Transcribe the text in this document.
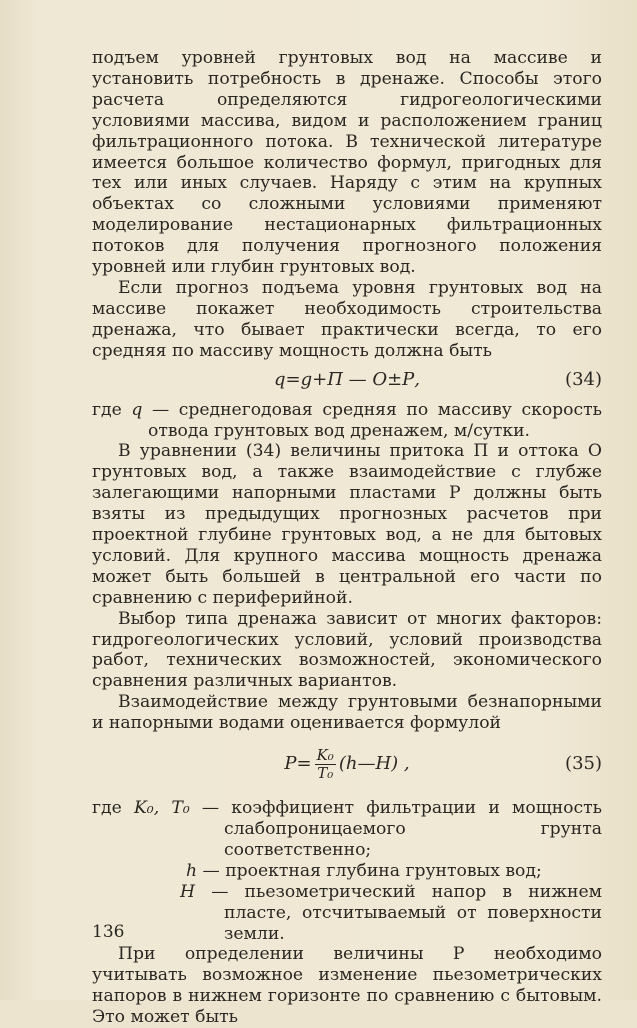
подъем уровней грунтовых вод на массиве и установить потребность в дренаже. Способы этого расчета определяются гидрогеологическими условиями массива, видом и расположением границ фильтрационного потока. В технической литературе имеется большое количество формул, пригодных для тех или иных случаев. Наряду с этим на крупных объектах со сложными условиями применяют моделирование нестационарных фильтрационных потоков для получения прогнозного положения уровней или глубин грунтовых вод.

Если прогноз подъема уровня грунтовых вод на массиве покажет необходимость строительства дренажа, что бывает практически всегда, то его средняя по массиву мощность должна быть

q=g+П — О±Р,	(34)

где q — среднегодовая средняя по массиву скорость отвода грунтовых вод дренажем, м/сутки.

В уравнении (34) величины притока П и оттока О грунтовых вод, а также взаимодействие с глубже залегающими напорными пластами Р должны быть взяты из предыдущих прогнозных расчетов при проектной глубине грунтовых вод, а не для бытовых условий. Для крупного массива мощность дренажа может быть большей в центральной его части по сравнению с периферийной.

Выбор типа дренажа зависит от многих факторов: гидрогеологических условий, условий производства работ, технических возможностей, экономического сравнения различных вариантов.

Взаимодействие между грунтовыми безнапорными и напорными водами оценивается формулой

$P= \frac{\text{K₀}}{\text{T₀}}$ (h—H) ,	(35)

где K₀, T₀ — коэффициент фильтрации и мощность слабопроницаемого грунта соответственно;

h — проектная глубина грунтовых вод;

H — пьезометрический напор в нижнем пласте, отсчитываемый от поверхности земли.

При определении величины Р необходимо учитывать возможное изменение пьезометрических напоров в нижнем горизонте по сравнению с бытовым. Это может быть

136
